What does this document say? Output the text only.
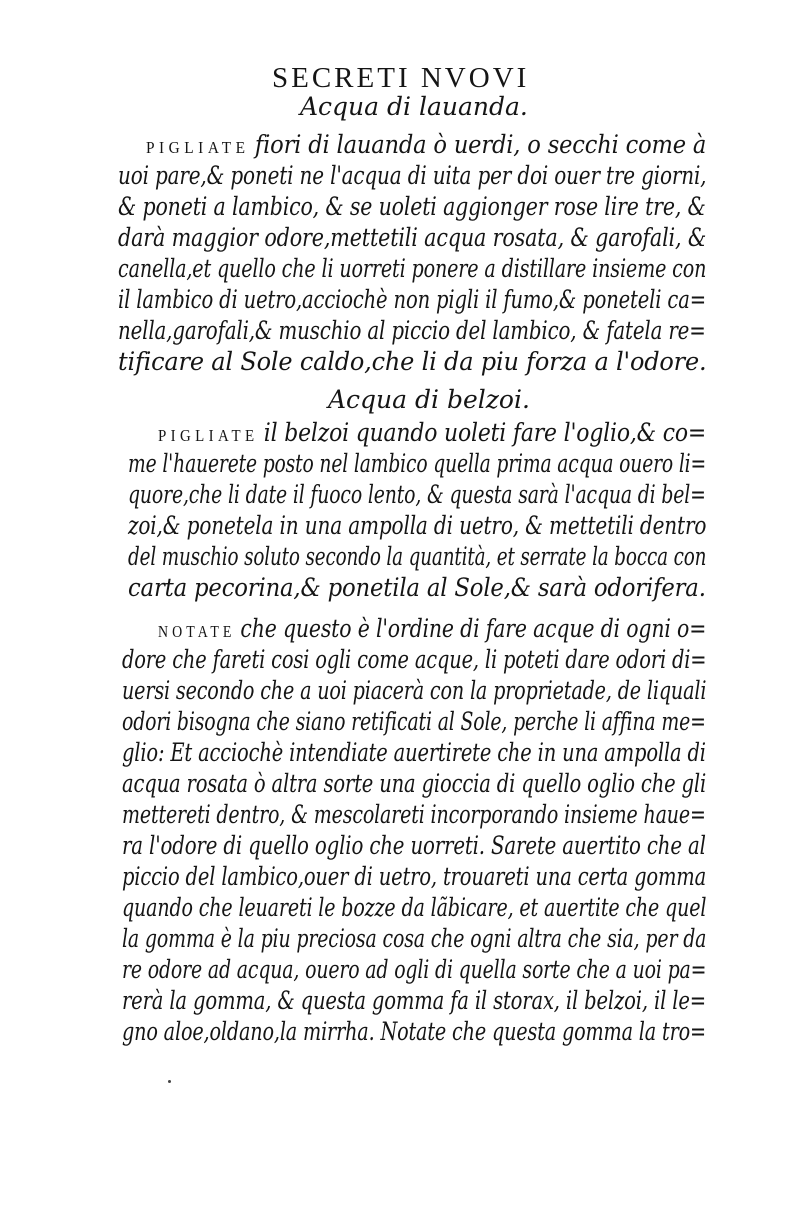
SECRETI NVOVI
Acqua di lauanda.
PIGLIATE fiori di lauanda ò uerdi, o secchi come à
uoi pare,& poneti ne l'acqua di uita per doi ouer tre giorni,
& poneti a lambico, & se uoleti aggionger rose lire tre, &
darà maggior odore,mettetili acqua rosata, & garofali, &
canella,et quello che li uorreti ponere a distillare insieme con
il lambico di uetro,acciochè non pigli il fumo,& poneteli ca=
nella,garofali,& muschio al piccio del lambico, & fatela re=
tificare al Sole caldo,che li da piu forza a l'odore.
Acqua di belzoi.
PIGLIATE il belzoi quando uoleti fare l'oglio,& co=
me l'hauerete posto nel lambico quella prima acqua ouero li=
quore,che li date il fuoco lento, & questa sarà l'acqua di bel=
zoi,& ponetela in una ampolla di uetro, & mettetili dentro
del muschio soluto secondo la quantità, et serrate la bocca con
carta pecorina,& ponetila al Sole,& sarà odorifera.
NOTATE che questo è l'ordine di fare acque di ogni o=
dore che fareti cosi ogli come acque, li poteti dare odori di=
uersi secondo che a uoi piacerà con la proprietade, de liquali
odori bisogna che siano retificati al Sole, perche li affina me=
glio: Et acciochè intendiate auertirete che in una ampolla di
acqua rosata ò altra sorte una gioccia di quello oglio che gli
mettereti dentro, & mescolareti incorporando insieme haue=
ra l'odore di quello oglio che uorreti. Sarete auertito che al
piccio del lambico,ouer di uetro, trouareti una certa gomma
quando che leuareti le bozze da lãbicare, et auertite che quel
la gomma è la piu preciosa cosa che ogni altra che sia, per da
re odore ad acqua, ouero ad ogli di quella sorte che a uoi pa=
rerà la gomma, & questa gomma fa il storax, il belzoi, il le=
gno aloe,oldano,la mirrha. Notate che questa gomma la tro=
